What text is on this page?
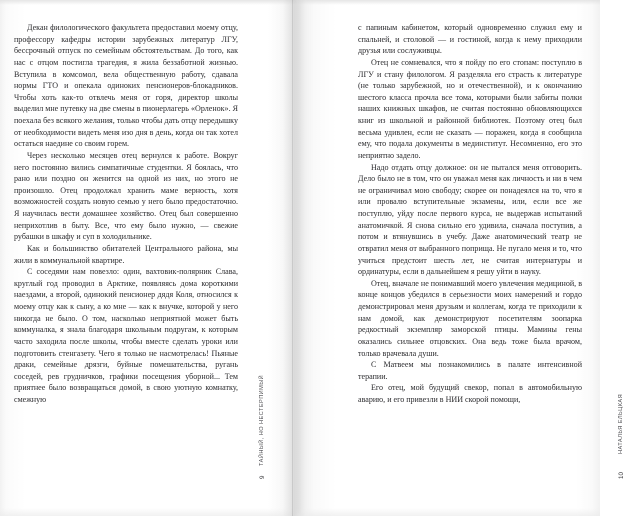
Декан филологического факультета предоставил моему отцу, профессору кафедры истории зарубежных литератур ЛГУ, бессрочный отпуск по семейным обстоятельствам. До того, как нас с отцом постигла трагедия, я жила беззаботной жизнью. Вступила в комсомол, вела общественную работу, сдавала нормы ГТО и опекала одиноких пенсионеров-блокадников. Чтобы хоть как-то отвлечь меня от горя, директор школы выделил мне путевку на две смены в пионерлагерь «Орленок». Я поехала без всякого желания, только чтобы дать отцу передышку от необходимости видеть меня изо дня в день, когда он так хотел остаться наедине со своим горем.

Через несколько месяцев отец вернулся к работе. Вокруг него постоянно вились симпатичные студентки. Я боялась, что рано или поздно он женится на одной из них, но этого не произошло. Отец продолжал хранить маме верность, хотя возможностей создать новую семью у него было предостаточно. Я научилась вести домашнее хозяйство. Отец был совершенно неприхотлив в быту. Все, что ему было нужно, — свежие рубашки в шкафу и суп в холодильнике.

Как и большинство обитателей Центрального района, мы жили в коммунальной квартире.

С соседями нам повезло: один, вахтовик-полярник Слава, круглый год проводил в Арктике, появляясь дома короткими наездами, а второй, одинокий пенсионер дядя Коля, относился к моему отцу как к сыну, а ко мне — как к внучке, которой у него никогда не было. О том, насколько неприятной может быть коммуналка, я знала благодаря школьным подругам, к которым часто заходила после школы, чтобы вместе сделать уроки или подготовить стенгазету. Чего я только не насмотрелась! Пьяные драки, семейные дрязги, буйные помешательства, ругань соседей, рев грудничков, графики посещения уборной... Тем приятнее было возвращаться домой, в свою уютную комнатку, смежную	ТАЙНЫЙ, НО НЕСТЕРПИМЫЙ
9

с папиным кабинетом, который одновременно служил ему и спальней, и столовой — и гостиной, когда к нему приходили друзья или сослуживцы.

Отец не сомневался, что я пойду по его стопам: поступлю в ЛГУ и стану филологом. Я разделяла его страсть к литературе (не только зарубежной, но и отечественной), и к окончанию шестого класса прочла все тома, которыми были забиты полки наших книжных шкафов, не считая постоянно обновляющихся книг из школьной и районной библиотек. Поэтому отец был весьма удивлен, если не сказать — поражен, когда я сообщила ему, что подала документы в мединститут. Несомненно, его это неприятно задело.

Надо отдать отцу должное: он не пытался меня отговорить. Дело было не в том, что он уважал меня как личность и ни в чем не ограничивал мою свободу; скорее он понадеялся на то, что я или провалю вступительные экзамены, или, если все же поступлю, уйду после первого курса, не выдержав испытаний анатомичкой. Я снова сильно его удивила, сначала поступив, а потом и втянувшись в учебу. Даже анатомический театр не отвратил меня от выбранного поприща. Не пугало меня и то, что учиться предстоит шесть лет, не считая интернатуры и ординатуры, если в дальнейшем я решу уйти в науку.

Отец, вначале не понимавший моего увлечения медициной, в конце концов убедился в серьезности моих намерений и гордо демонстрировал меня друзьям и коллегам, когда те приходили к нам домой, как демонстрируют посетителям зоопарка редкостный экземпляр заморской птицы. Мамины гены оказались сильнее отцовских. Она ведь тоже была врачом, только врачевала души.

С Матвеем мы познакомились в палате интенсивной терапии.

Его отец, мой будущий свекор, попал в автомобильную аварию, и его привезли в НИИ скорой помощи,	НАТАЛЬЯ ЕЛЬЦКАЯ
10
